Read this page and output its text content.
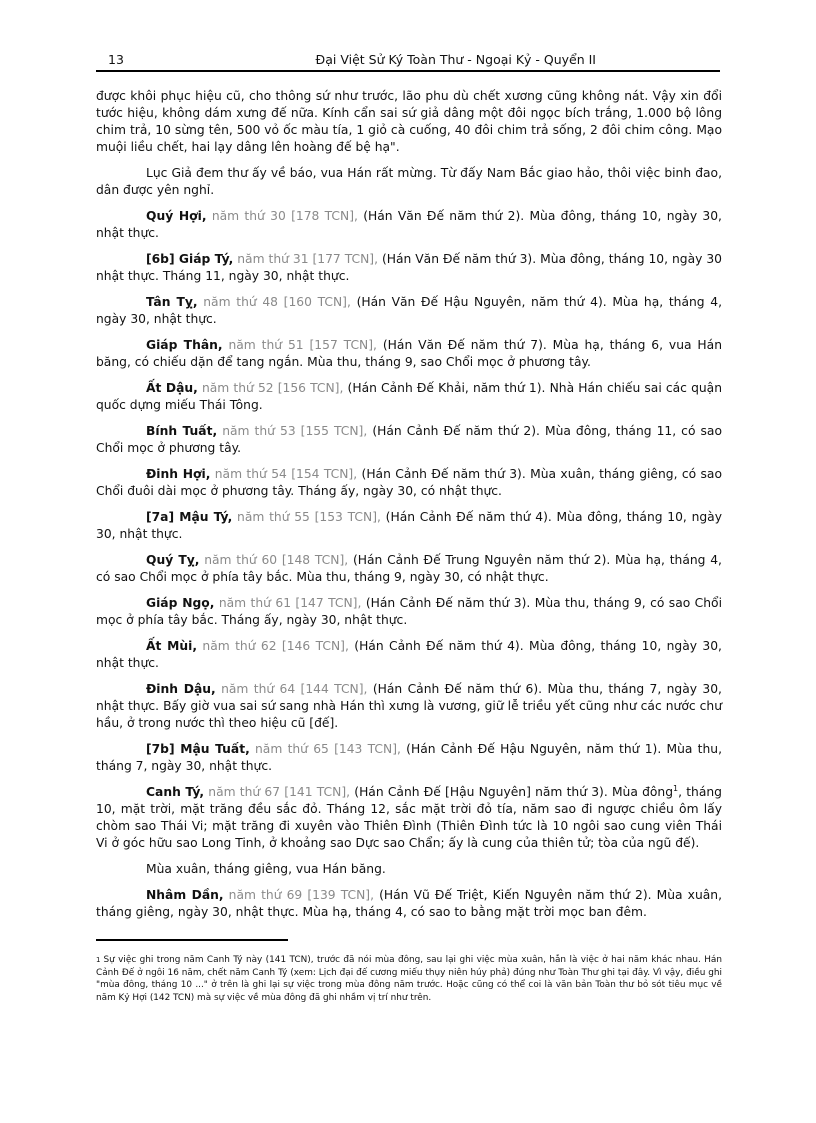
13	Đại Việt Sử Ký Toàn Thư - Ngoại Kỷ - Quyển II

được khôi phục hiệu cũ, cho thông sứ như trước, lão phu dù chết xương cũng không nát. Vậy xin đổi tước hiệu, không dám xưng đế nữa. Kính cẩn sai sứ giả dâng một đôi ngọc bích trắng, 1.000 bộ lông chim trả, 10 sừng tên, 500 vỏ ốc màu tía, 1 giỏ cà cuống, 40 đôi chim trả sống, 2 đôi chim công. Mạo muội liều chết, hai lạy dâng lên hoàng đế bệ hạ".

Lục Giả đem thư ấy về báo, vua Hán rất mừng. Từ đấy Nam Bắc giao hảo, thôi việc binh đao, dân được yên nghỉ.

Quý Hợi, năm thứ 30 [178 TCN], (Hán Văn Đế năm thứ 2). Mùa đông, tháng 10, ngày 30, nhật thực.

[6b] Giáp Tý, năm thứ 31 [177 TCN], (Hán Văn Đế năm thứ 3). Mùa đông, tháng 10, ngày 30 nhật thực. Tháng 11, ngày 30, nhật thực.

Tân Tỵ, năm thứ 48 [160 TCN], (Hán Văn Đế Hậu Nguyên, năm thứ 4). Mùa hạ, tháng 4, ngày 30, nhật thực.

Giáp Thân, năm thứ 51 [157 TCN], (Hán Văn Đế năm thứ 7). Mùa hạ, tháng 6, vua Hán băng, có chiếu dặn để tang ngắn. Mùa thu, tháng 9, sao Chổi mọc ở phương tây.

Ất Dậu, năm thứ 52 [156 TCN], (Hán Cảnh Đế Khải, năm thứ 1). Nhà Hán chiếu sai các quận quốc dựng miếu Thái Tông.

Bính Tuất, năm thứ 53 [155 TCN], (Hán Cảnh Đế năm thứ 2). Mùa đông, tháng 11, có sao Chổi mọc ở phương tây.

Đinh Hợi, năm thứ 54 [154 TCN], (Hán Cảnh Đế năm thứ 3). Mùa xuân, tháng giêng, có sao Chổi đuôi dài mọc ở phương tây. Tháng ấy, ngày 30, có nhật thực.

[7a] Mậu Tý, năm thứ 55 [153 TCN], (Hán Cảnh Đế năm thứ 4). Mùa đông, tháng 10, ngày 30, nhật thực.

Quý Tỵ, năm thứ 60 [148 TCN], (Hán Cảnh Đế Trung Nguyên năm thứ 2). Mùa hạ, tháng 4, có sao Chổi mọc ở phía tây bắc. Mùa thu, tháng 9, ngày 30, có nhật thực.

Giáp Ngọ, năm thứ 61 [147 TCN], (Hán Cảnh Đế năm thứ 3). Mùa thu, tháng 9, có sao Chổi mọc ở phía tây bắc. Tháng ấy, ngày 30, nhật thực.

Ất Mùi, năm thứ 62 [146 TCN], (Hán Cảnh Đế năm thứ 4). Mùa đông, tháng 10, ngày 30, nhật thực.

Đinh Dậu, năm thứ 64 [144 TCN], (Hán Cảnh Đế năm thứ 6). Mùa thu, tháng 7, ngày 30, nhật thực. Bấy giờ vua sai sứ sang nhà Hán thì xưng là vương, giữ lễ triều yết cũng như các nước chư hầu, ở trong nước thì theo hiệu cũ [đế].

[7b] Mậu Tuất, năm thứ 65 [143 TCN], (Hán Cảnh Đế Hậu Nguyên, năm thứ 1). Mùa thu, tháng 7, ngày 30, nhật thực.

Canh Tý, năm thứ 67 [141 TCN], (Hán Cảnh Đế [Hậu Nguyên] năm thứ 3). Mùa đông$^1$, tháng 10, mặt trời, mặt trăng đều sắc đỏ. Tháng 12, sắc mặt trời đỏ tía, năm sao đi ngược chiều ôm lấy chòm sao Thái Vi; mặt trăng đi xuyên vào Thiên Đình (Thiên Đình tức là 10 ngôi sao cung viên Thái Vi ở góc hữu sao Long Tinh, ở khoảng sao Dực sao Chẩn; ấy là cung của thiên tử; tòa của ngũ đế).

Mùa xuân, tháng giêng, vua Hán băng.

Nhâm Dần, năm thứ 69 [139 TCN], (Hán Vũ Đế Triệt, Kiến Nguyên năm thứ 2). Mùa xuân, tháng giêng, ngày 30, nhật thực. Mùa hạ, tháng 4, có sao to bằng mặt trời mọc ban đêm.

$^1$ Sự việc ghi trong năm Canh Tý này (141 TCN), trước đã nói mùa đông, sau lại ghi việc mùa xuân, hẳn là việc ở hai năm khác nhau. Hán Cảnh Đế ở ngôi 16 năm, chết năm Canh Tý (xem: Lịch đại đế cương miếu thụy niên húy phả) đúng như Toàn Thư ghi tại đây. Vì vậy, điều ghi "mùa đông, tháng 10 ..." ở trên là ghi lại sự việc trong mùa đông năm trước. Hoặc cũng có thể coi là văn bản Toàn thư bỏ sót tiêu mục về năm Kỷ Hợi (142 TCN) mà sự việc về mùa đông đã ghi nhầm vị trí như trên.
